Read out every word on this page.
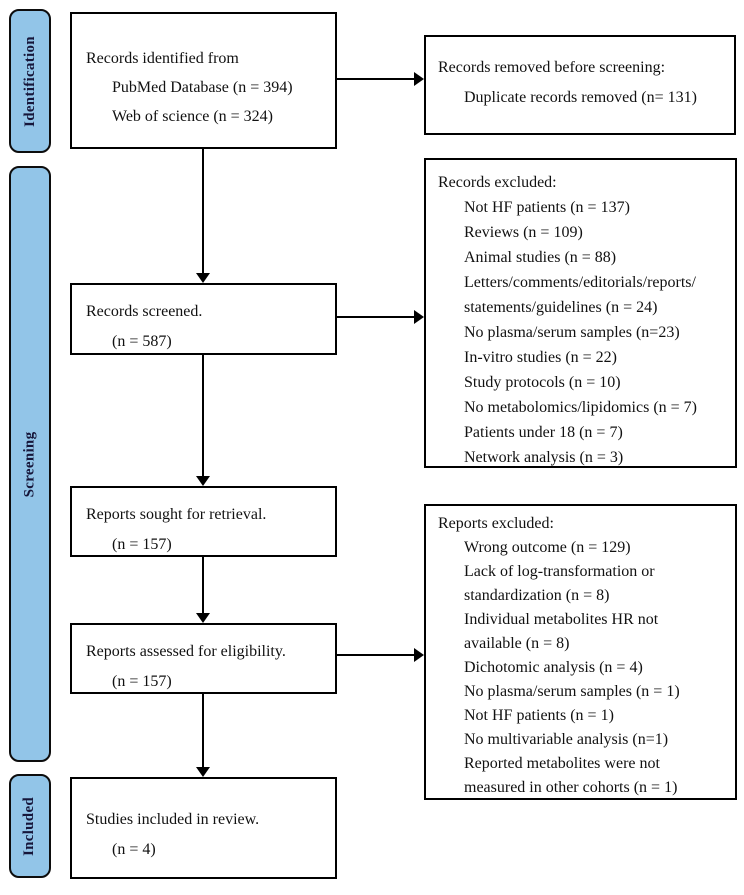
Identification
Screening
Included
Records identified from
PubMed Database (n = 394)
Web of science (n = 324)
Records screened.
(n = 587)
Reports sought for retrieval.
(n = 157)
Reports assessed for eligibility.
(n = 157)
Studies included in review.
(n = 4)
Records removed before screening:
Duplicate records removed (n= 131)
Records excluded:
Not HF patients (n = 137)
Reviews (n = 109)
Animal studies (n = 88)
Letters/comments/editorials/reports/
statements/guidelines (n = 24)
No plasma/serum samples (n=23)
In-vitro studies (n = 22)
Study protocols (n = 10)
No metabolomics/lipidomics (n = 7)
Patients under 18 (n = 7)
Network analysis (n = 3)
Reports excluded:
Wrong outcome (n = 129)
Lack of log-transformation or
standardization (n = 8)
Individual metabolites HR not
available (n = 8)
Dichotomic analysis (n = 4)
No plasma/serum samples (n = 1)
Not HF patients (n = 1)
No multivariable analysis (n=1)
Reported metabolites were not
measured in other cohorts (n = 1)
